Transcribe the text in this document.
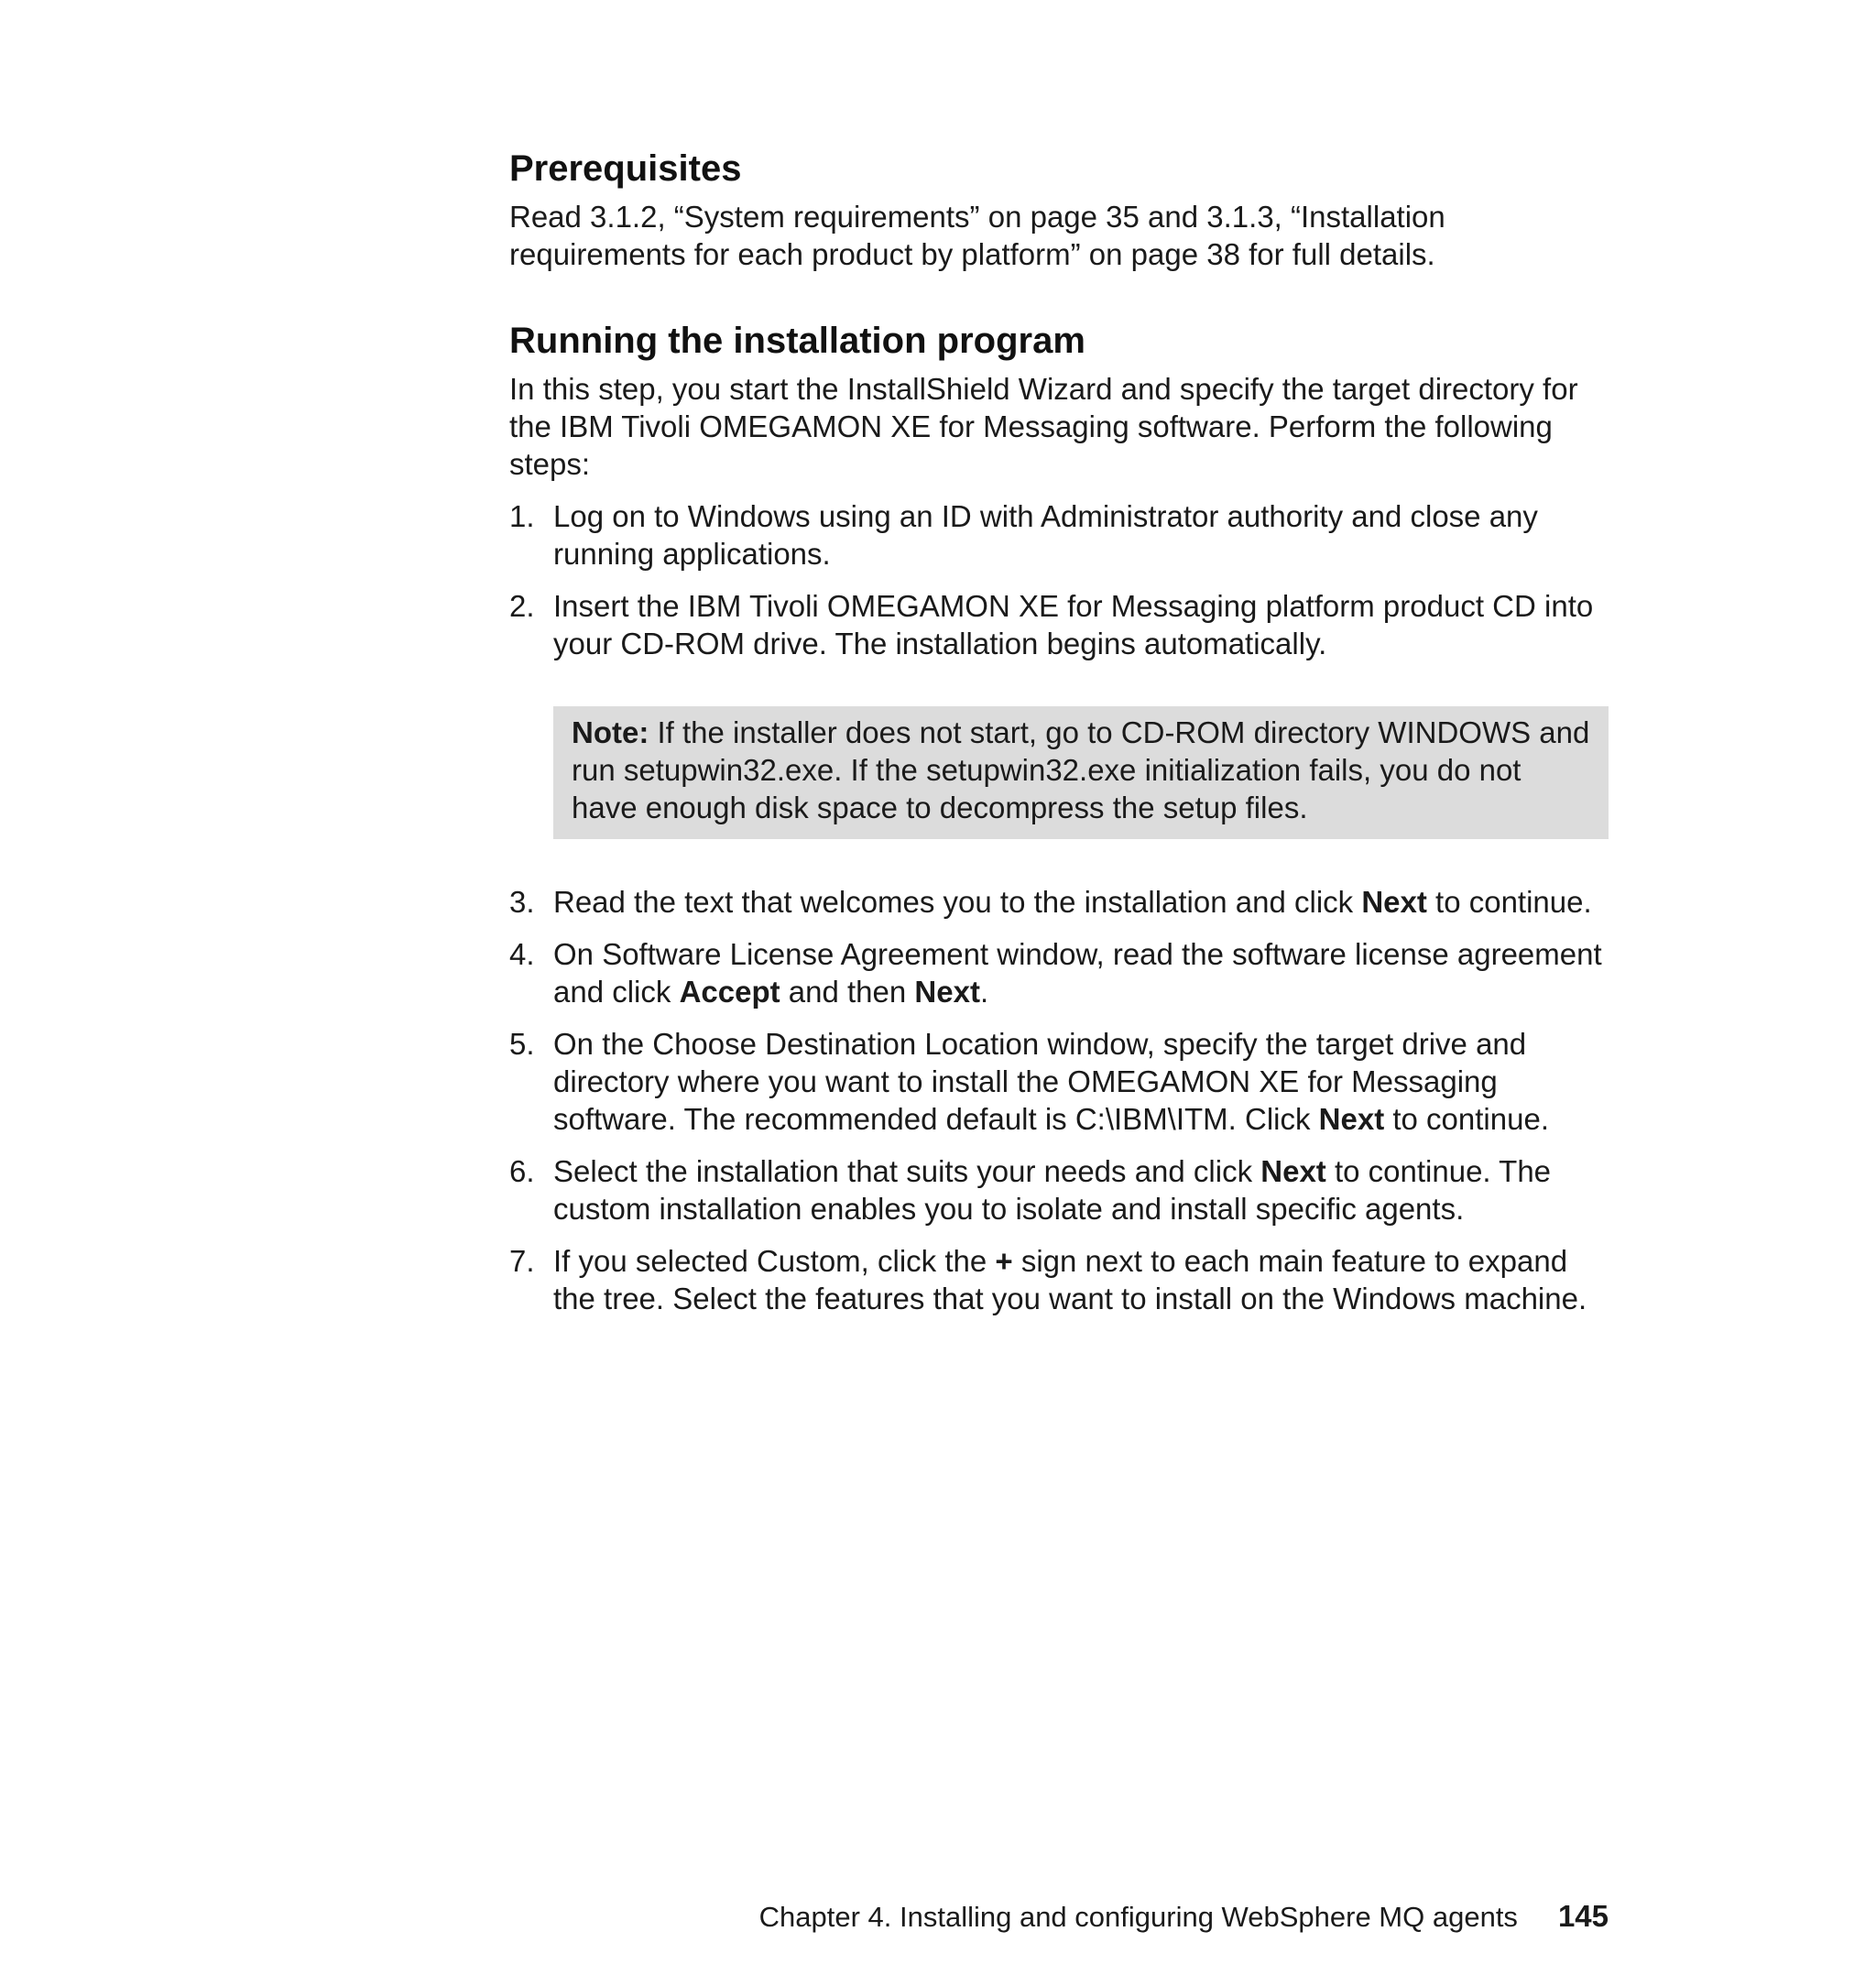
Prerequisites

Read 3.1.2, “System requirements” on page 35 and 3.1.3, “Installation requirements for each product by platform” on page 38 for full details.

Running the installation program

In this step, you start the InstallShield Wizard and specify the target directory for the IBM Tivoli OMEGAMON XE for Messaging software. Perform the following steps:

1. Log on to Windows using an ID with Administrator authority and close any running applications.
2. Insert the IBM Tivoli OMEGAMON XE for Messaging platform product CD into your CD-ROM drive. The installation begins automatically.
Note: If the installer does not start, go to CD-ROM directory WINDOWS and run setupwin32.exe. If the setupwin32.exe initialization fails, you do not have enough disk space to decompress the setup files.
3. Read the text that welcomes you to the installation and click Next to continue.
4. On Software License Agreement window, read the software license agreement and click Accept and then Next.
5. On the Choose Destination Location window, specify the target drive and directory where you want to install the OMEGAMON XE for Messaging software. The recommended default is C:\IBM\ITM. Click Next to continue.
6. Select the installation that suits your needs and click Next to continue. The custom installation enables you to isolate and install specific agents.
7. If you selected Custom, click the + sign next to each main feature to expand the tree. Select the features that you want to install on the Windows machine.
Chapter 4. Installing and configuring WebSphere MQ agents 145
